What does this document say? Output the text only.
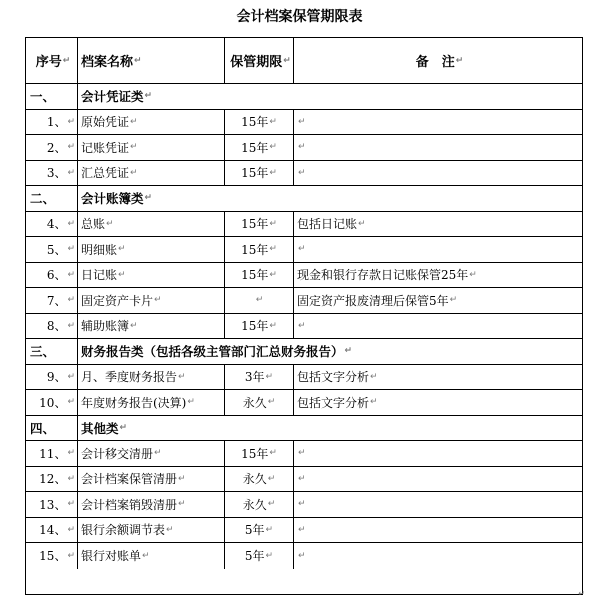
会计档案保管期限表
序号 ↵ 档案名称 ↵	保管期限 ↵	备　注 ↵
一、 会计凭证类 ↵
1、 ↵ 原始凭证 ↵	15年 ↵ ↵
2、 ↵ 记账凭证 ↵	15年 ↵ ↵
3、 ↵ 汇总凭证 ↵	15年 ↵ ↵
二、 会计账簿类 ↵
4、 ↵ 总账 ↵	15年 ↵ 包括日记账 ↵
5、 ↵ 明细账 ↵	15年 ↵ ↵
6、 ↵ 日记账 ↵	15年 ↵ 现金和银行存款日记账保管25年 ↵
7、 ↵ 固定资产卡片 ↵	↵	固定资产报废清理后保管5年 ↵
8、 ↵ 辅助账簿 ↵	15年 ↵ ↵
三、 财务报告类（包括各级主管部门汇总财务报告） ↵
9、 ↵ 月、季度财务报告 ↵	3年 ↵ 包括文字分析 ↵
10、 ↵ 年度财务报告(决算) ↵	永久 ↵ 包括文字分析 ↵
四、 其他类 ↵
11、 ↵ 会计移交清册 ↵	15年 ↵ ↵
12、 ↵ 会计档案保管清册 ↵	永久 ↵	↵
13、 ↵ 会计档案销毁清册 ↵	永久 ↵	↵
14、 ↵ 银行余额调节表 ↵	5年 ↵	↵
15、 ↵ 银行对账单 ↵	5年 ↵	↵
↵
